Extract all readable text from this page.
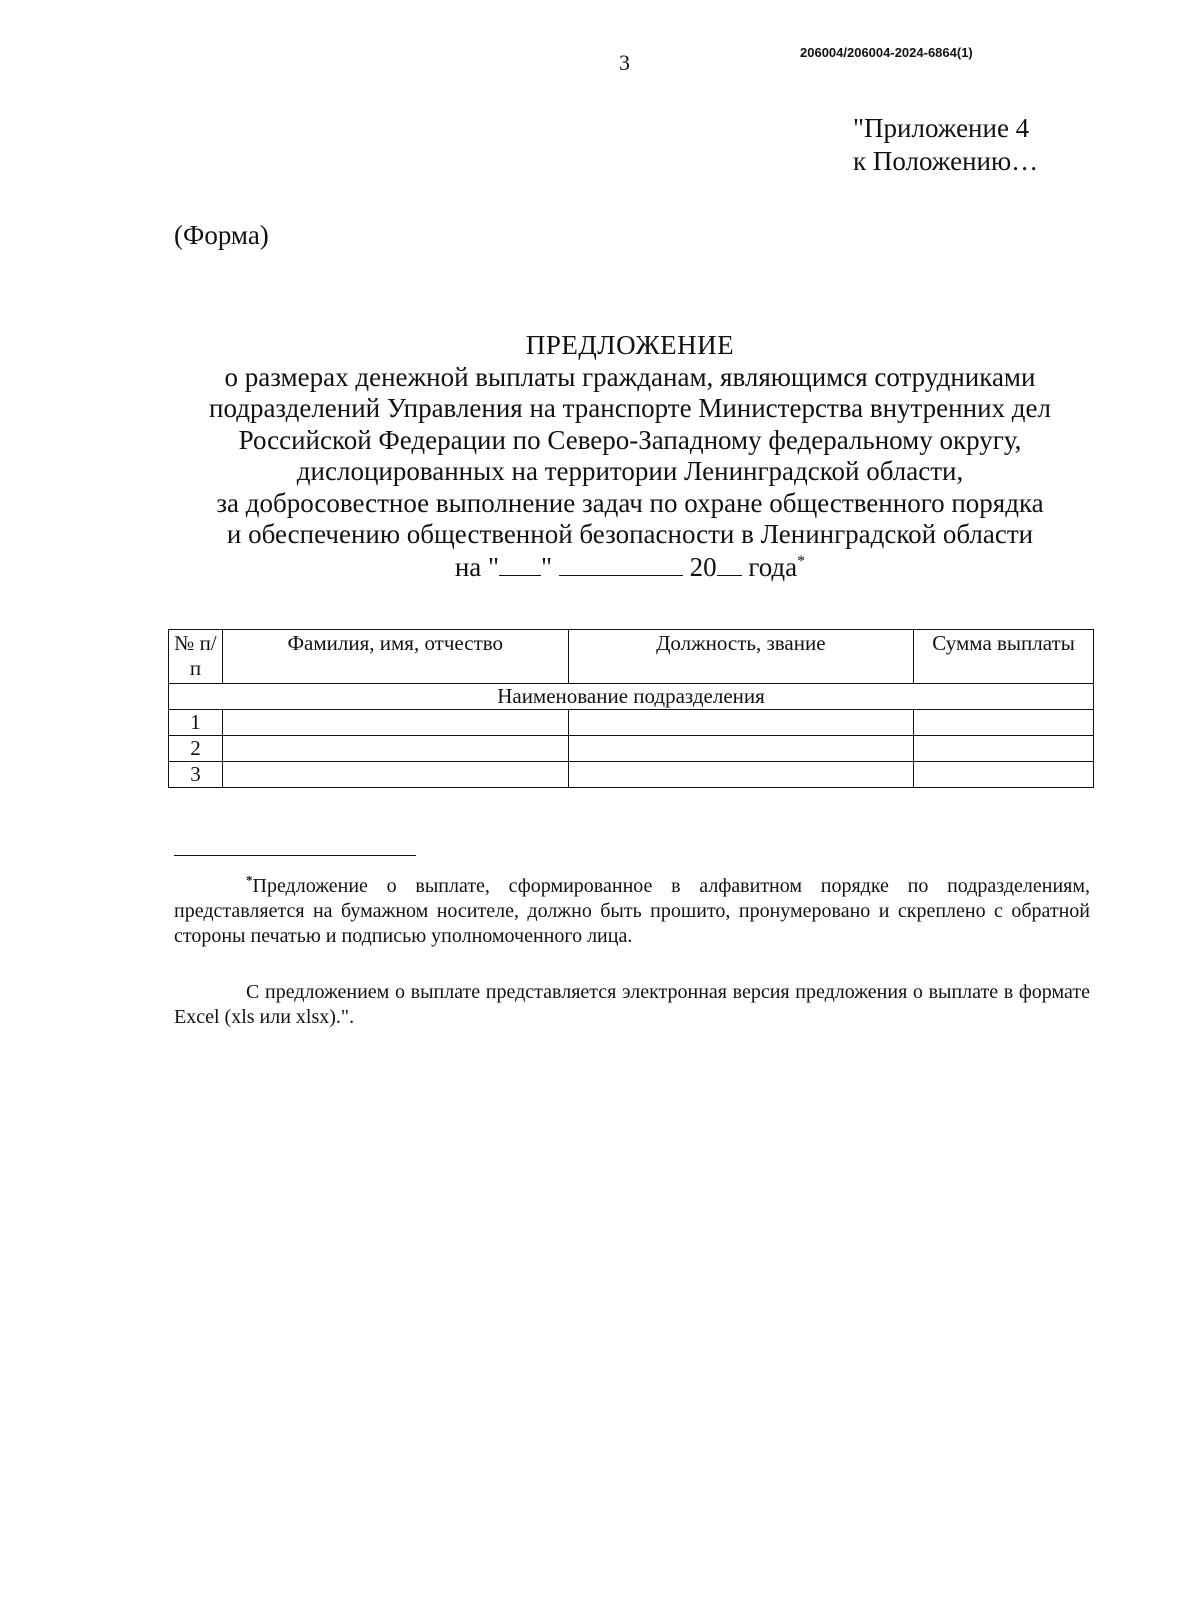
3	206004/206004-2024-6864(1)
"Приложение 4
к Положению…
(Форма)
ПРЕДЛОЖЕНИЕ
о размерах денежной выплаты гражданам, являющимся сотрудниками
подразделений Управления на транспорте Министерства внутренних дел
Российской Федерации по Северо-Западному федеральному округу,
дислоцированных на территории Ленинградской области,
за добросовестное выполнение задач по охране общественного порядка
и обеспечению общественной безопасности в Ленинградской области
на " "	20 года*
№ п/п	Фамилия, имя, отчество	Должность, звание	Сумма выплаты
Наименование подразделения			
1			
2			
3			
*Предложение о выплате, сформированное в алфавитном порядке по подразделениям, представляется на бумажном носителе, должно быть прошито, пронумеровано и скреплено с обратной стороны печатью и подписью уполномоченного лица.
С предложением о выплате представляется электронная версия предложения о выплате в формате Excel (xls или xlsx).".
